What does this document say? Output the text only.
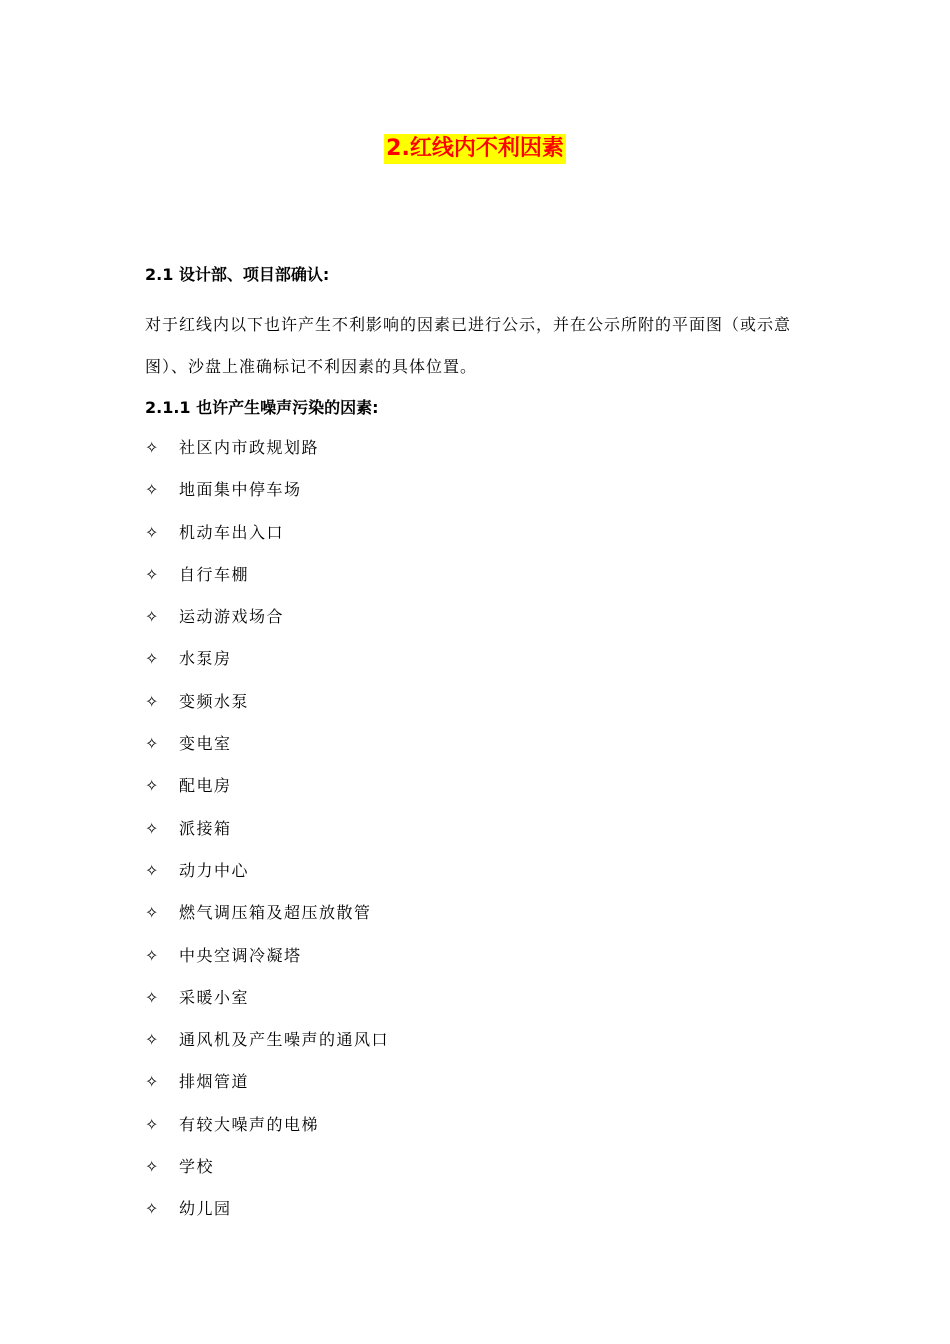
2.红线内不利因素
2.1 设计部、项目部确认:
对于红线内以下也许产生不利影响的因素已进行公示，并在公示所附的平面图（或示意图）、沙盘上准确标记不利因素的具体位置。
2.1.1 也许产生噪声污染的因素:
✧	社区内市政规划路
✧	地面集中停车场
✧	机动车出入口
✧	自行车棚
✧	运动游戏场合
✧	水泵房
✧	变频水泵
✧	变电室
✧	配电房
✧	派接箱
✧	动力中心
✧	燃气调压箱及超压放散管
✧	中央空调冷凝塔
✧	采暖小室
✧	通风机及产生噪声的通风口
✧	排烟管道
✧	有较大噪声的电梯
✧	学校
✧	幼儿园
